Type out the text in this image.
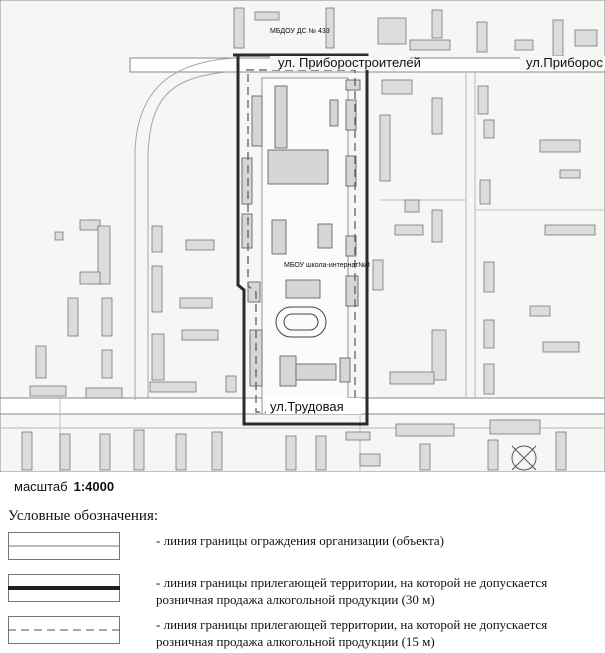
ул. Приборостроителей	ул.Приборос
ул.Трудовая
МБДОУ ДС № 433
МБОУ школа-интернат№8
масштаб 1:4000
Условные обозначения:
- линия границы ограждения организации (объекта)
- линия границы прилегающей территории, на которой не допускается розничная продажа алкогольной продукции (30 м)
- линия границы прилегающей территории, на которой не допускается розничная продажа алкогольной продукции (15 м)
